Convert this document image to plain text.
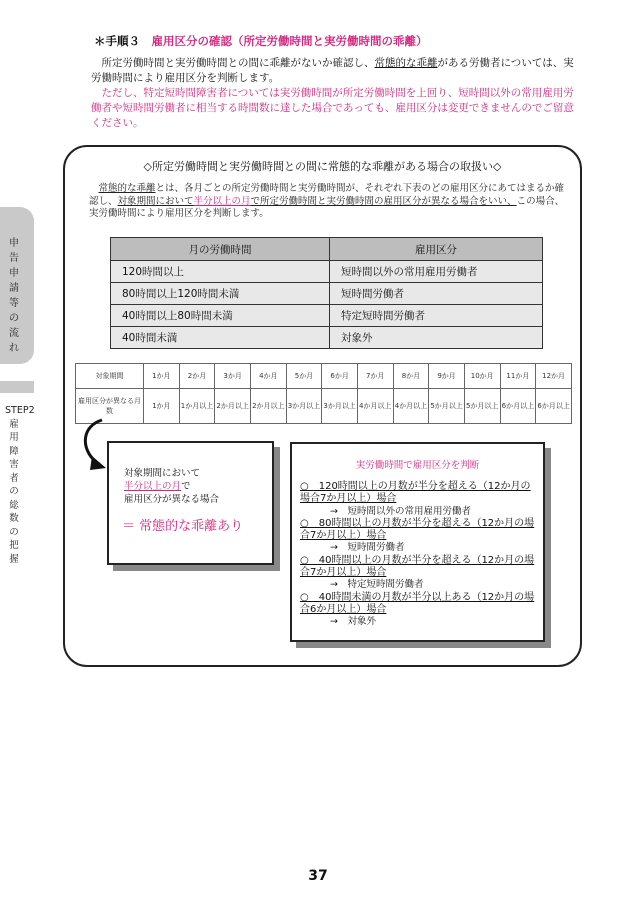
＊手順３　 雇用区分の確認（所定労働時間と実労働時間の乖離）

所定労働時間と実労働時間との間に乖離がないか確認し、常態的な乖離がある労働者については、実労働時間により雇用区分を判断します。

ただし、特定短時間障害者については実労働時間が所定労働時間を上回り、短時間以外の常用雇用労働者や短時間労働者に相当する時間数に達した場合であっても、雇用区分は変更できませんのでご留意ください。

申告申請等の流れ
STEP2 雇用障害者の総数の把握
◇所定労働時間と実労働時間との間に常態的な乖離がある場合の取扱い◇

常態的な乖離とは、各月ごとの所定労働時間と実労働時間が、それぞれ下表のどの雇用区分にあてはまるか確認し、対象期間において半分以上の月で所定労働時間と実労働時間の雇用区分が異なる場合をいい、この場合、実労働時間により雇用区分を判断します。

月の労働時間	雇用区分
120時間以上	短時間以外の常用雇用労働者
80時間以上120時間未満	短時間労働者
40時間以上80時間未満	特定短時間労働者
40時間未満	対象外
対象期間	1か月	2か月	3か月	4か月	5か月	6か月	7か月	8か月	9か月	10か月	11か月	12か月
雇用区分が異なる月数	1か月	1か月以上	2か月以上	2か月以上	3か月以上	3か月以上	4か月以上	4か月以上	5か月以上	5か月以上	6か月以上	6か月以上
対象期間において
半分以上の月で
雇用区分が異なる場合
＝ 常態的な乖離あり
実労働時間で雇用区分を判断
○　120時間以上の月数が半分を超える（12か月の場合7か月以上）場合
→　短時間以外の常用雇用労働者
○　80時間以上の月数が半分を超える（12か月の場合7か月以上）場合
→　短時間労働者
○　40時間以上の月数が半分を超える（12か月の場合7か月以上）場合
→　特定短時間労働者
○　40時間未満の月数が半分以上ある（12か月の場合6か月以上）場合
→　対象外
37
